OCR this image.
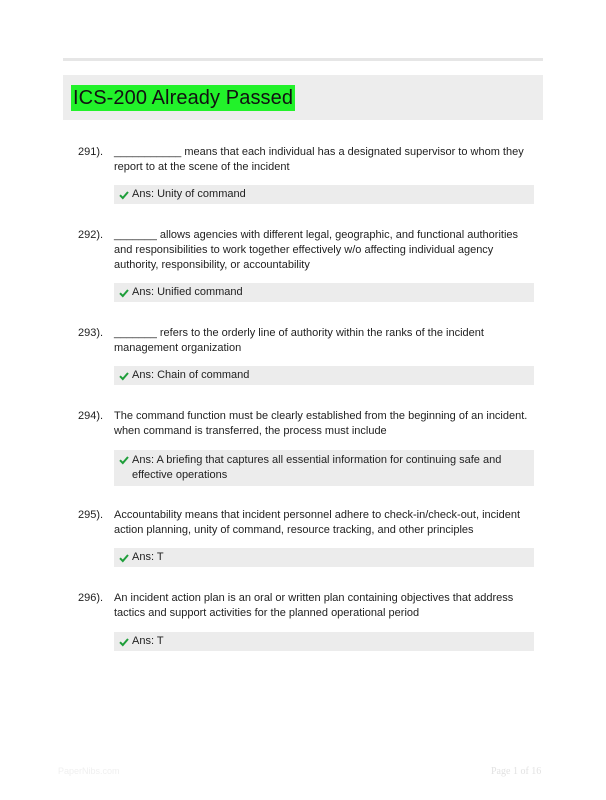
ICS-200 Already Passed
291). ___________ means that each individual has a designated supervisor to whom they report to at the scene of the incident
Ans: Unity of command
292). _______ allows agencies with different legal, geographic, and functional authorities and responsibilities to work together effectively w/o affecting individual agency authority, responsibility, or accountability
Ans: Unified command
293). _______ refers to the orderly line of authority within the ranks of the incident management organization
Ans: Chain of command
294). The command function must be clearly established from the beginning of an incident. when command is transferred, the process must include
Ans: A briefing that captures all essential information for continuing safe and effective operations
295). Accountability means that incident personnel adhere to check-in/check-out, incident action planning, unity of command, resource tracking, and other principles
Ans: T
296). An incident action plan is an oral or written plan containing objectives that address tactics and support activities for the planned operational period
Ans: T
PaperNibs.com	Page 1 of 16
